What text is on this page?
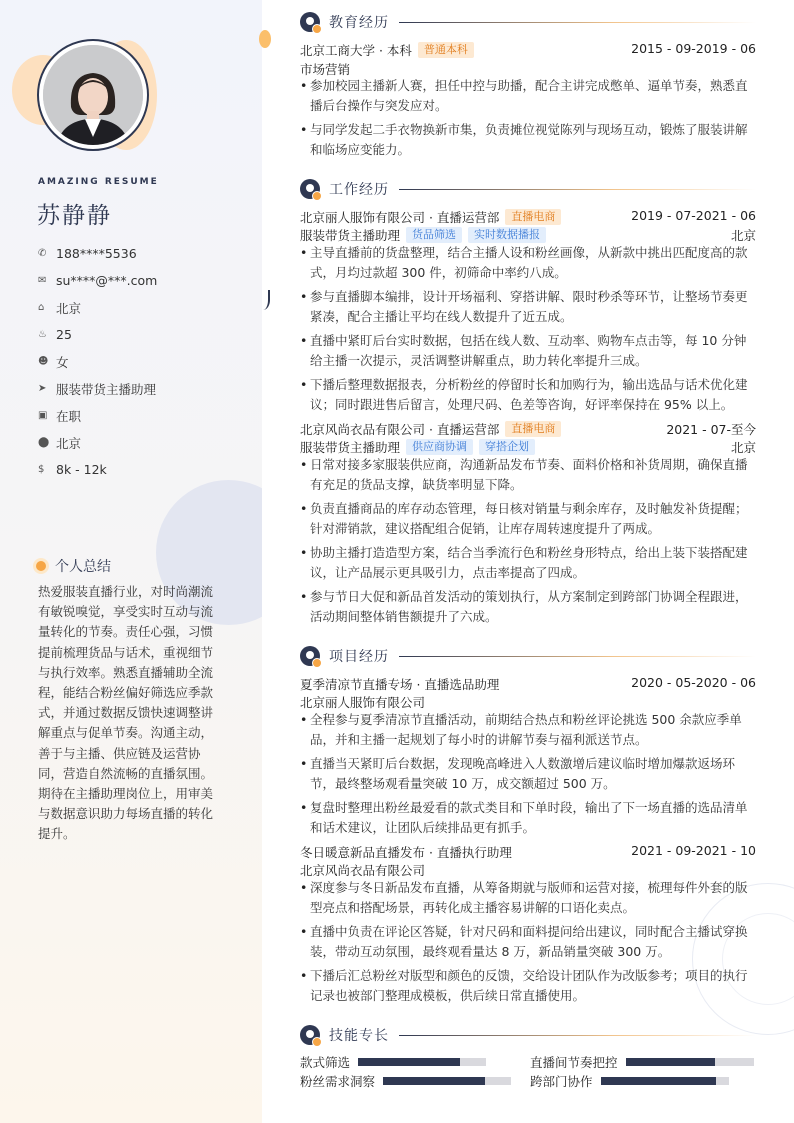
AMAZING RESUME
苏静静
✆ 188****5536
✉ su****@***.com
⌂ 北京
♨ 25
☻ 女
➤ 服装带货主播助理
▣ 在职
⬤ 北京
$ 8k - 12k
个人总结
热爱服装直播行业，对时尚潮流有敏锐嗅觉，享受实时互动与流量转化的节奏。责任心强，习惯提前梳理货品与话术，重视细节与执行效率。熟悉直播辅助全流程，能结合粉丝偏好筛选应季款式，并通过数据反馈快速调整讲解重点与促单节奏。沟通主动，善于与主播、供应链及运营协同，营造自然流畅的直播氛围。期待在主播助理岗位上，用审美与数据意识助力每场直播的转化提升。
教育经历
北京工商大学 · 本科	普通本科	2015 - 09-2019 - 06
市场营销
• 参加校园主播新人赛，担任中控与助播，配合主讲完成憋单、逼单节奏，熟悉直播后台操作与突发应对。
• 与同学发起二手衣物换新市集，负责摊位视觉陈列与现场互动，锻炼了服装讲解和临场应变能力。
工作经历
北京丽人服饰有限公司 · 直播运营部	直播电商	2019 - 07-2021 - 06
服装带货主播助理	货品筛选	实时数据播报	北京
• 主导直播前的货盘整理，结合主播人设和粉丝画像，从新款中挑出匹配度高的款式，月均过款超 300 件，初筛命中率约八成。
• 参与直播脚本编排，设计开场福利、穿搭讲解、限时秒杀等环节，让整场节奏更紧凑，配合主播让平均在线人数提升了近五成。
• 直播中紧盯后台实时数据，包括在线人数、互动率、购物车点击等，每 10 分钟给主播一次提示，灵活调整讲解重点，助力转化率提升三成。
• 下播后整理数据报表，分析粉丝的停留时长和加购行为，输出选品与话术优化建议；同时跟进售后留言，处理尺码、色差等咨询，好评率保持在 95% 以上。
北京风尚衣品有限公司 · 直播运营部	直播电商	2021 - 07-至今
服装带货主播助理	供应商协调	穿搭企划	北京
• 日常对接多家服装供应商，沟通新品发布节奏、面料价格和补货周期，确保直播有充足的货品支撑，缺货率明显下降。
• 负责直播商品的库存动态管理，每日核对销量与剩余库存，及时触发补货提醒；针对滞销款，建议搭配组合促销，让库存周转速度提升了两成。
• 协助主播打造造型方案，结合当季流行色和粉丝身形特点，给出上装下装搭配建议，让产品展示更具吸引力，点击率提高了四成。
• 参与节日大促和新品首发活动的策划执行，从方案制定到跨部门协调全程跟进，活动期间整体销售额提升了六成。
项目经历
夏季清凉节直播专场 · 直播选品助理	2020 - 05-2020 - 06
北京丽人服饰有限公司
• 全程参与夏季清凉节直播活动，前期结合热点和粉丝评论挑选 500 余款应季单品，并和主播一起规划了每小时的讲解节奏与福利派送节点。
• 直播当天紧盯后台数据，发现晚高峰进入人数激增后建议临时增加爆款返场环节，最终整场观看量突破 10 万，成交额超过 500 万。
• 复盘时整理出粉丝最爱看的款式类目和下单时段，输出了下一场直播的选品清单和话术建议，让团队后续排品更有抓手。
冬日暖意新品直播发布 · 直播执行助理	2021 - 09-2021 - 10
北京风尚衣品有限公司
• 深度参与冬日新品发布直播，从筹备期就与版师和运营对接，梳理每件外套的版型亮点和搭配场景，再转化成主播容易讲解的口语化卖点。
• 直播中负责在评论区答疑，针对尺码和面料提问给出建议，同时配合主播试穿换装，带动互动氛围，最终观看量达 8 万，新品销量突破 300 万。
• 下播后汇总粉丝对版型和颜色的反馈，交给设计团队作为改版参考；项目的执行记录也被部门整理成模板，供后续日常直播使用。
技能专长
款式筛选	直播间节奏把控
粉丝需求洞察	跨部门协作
